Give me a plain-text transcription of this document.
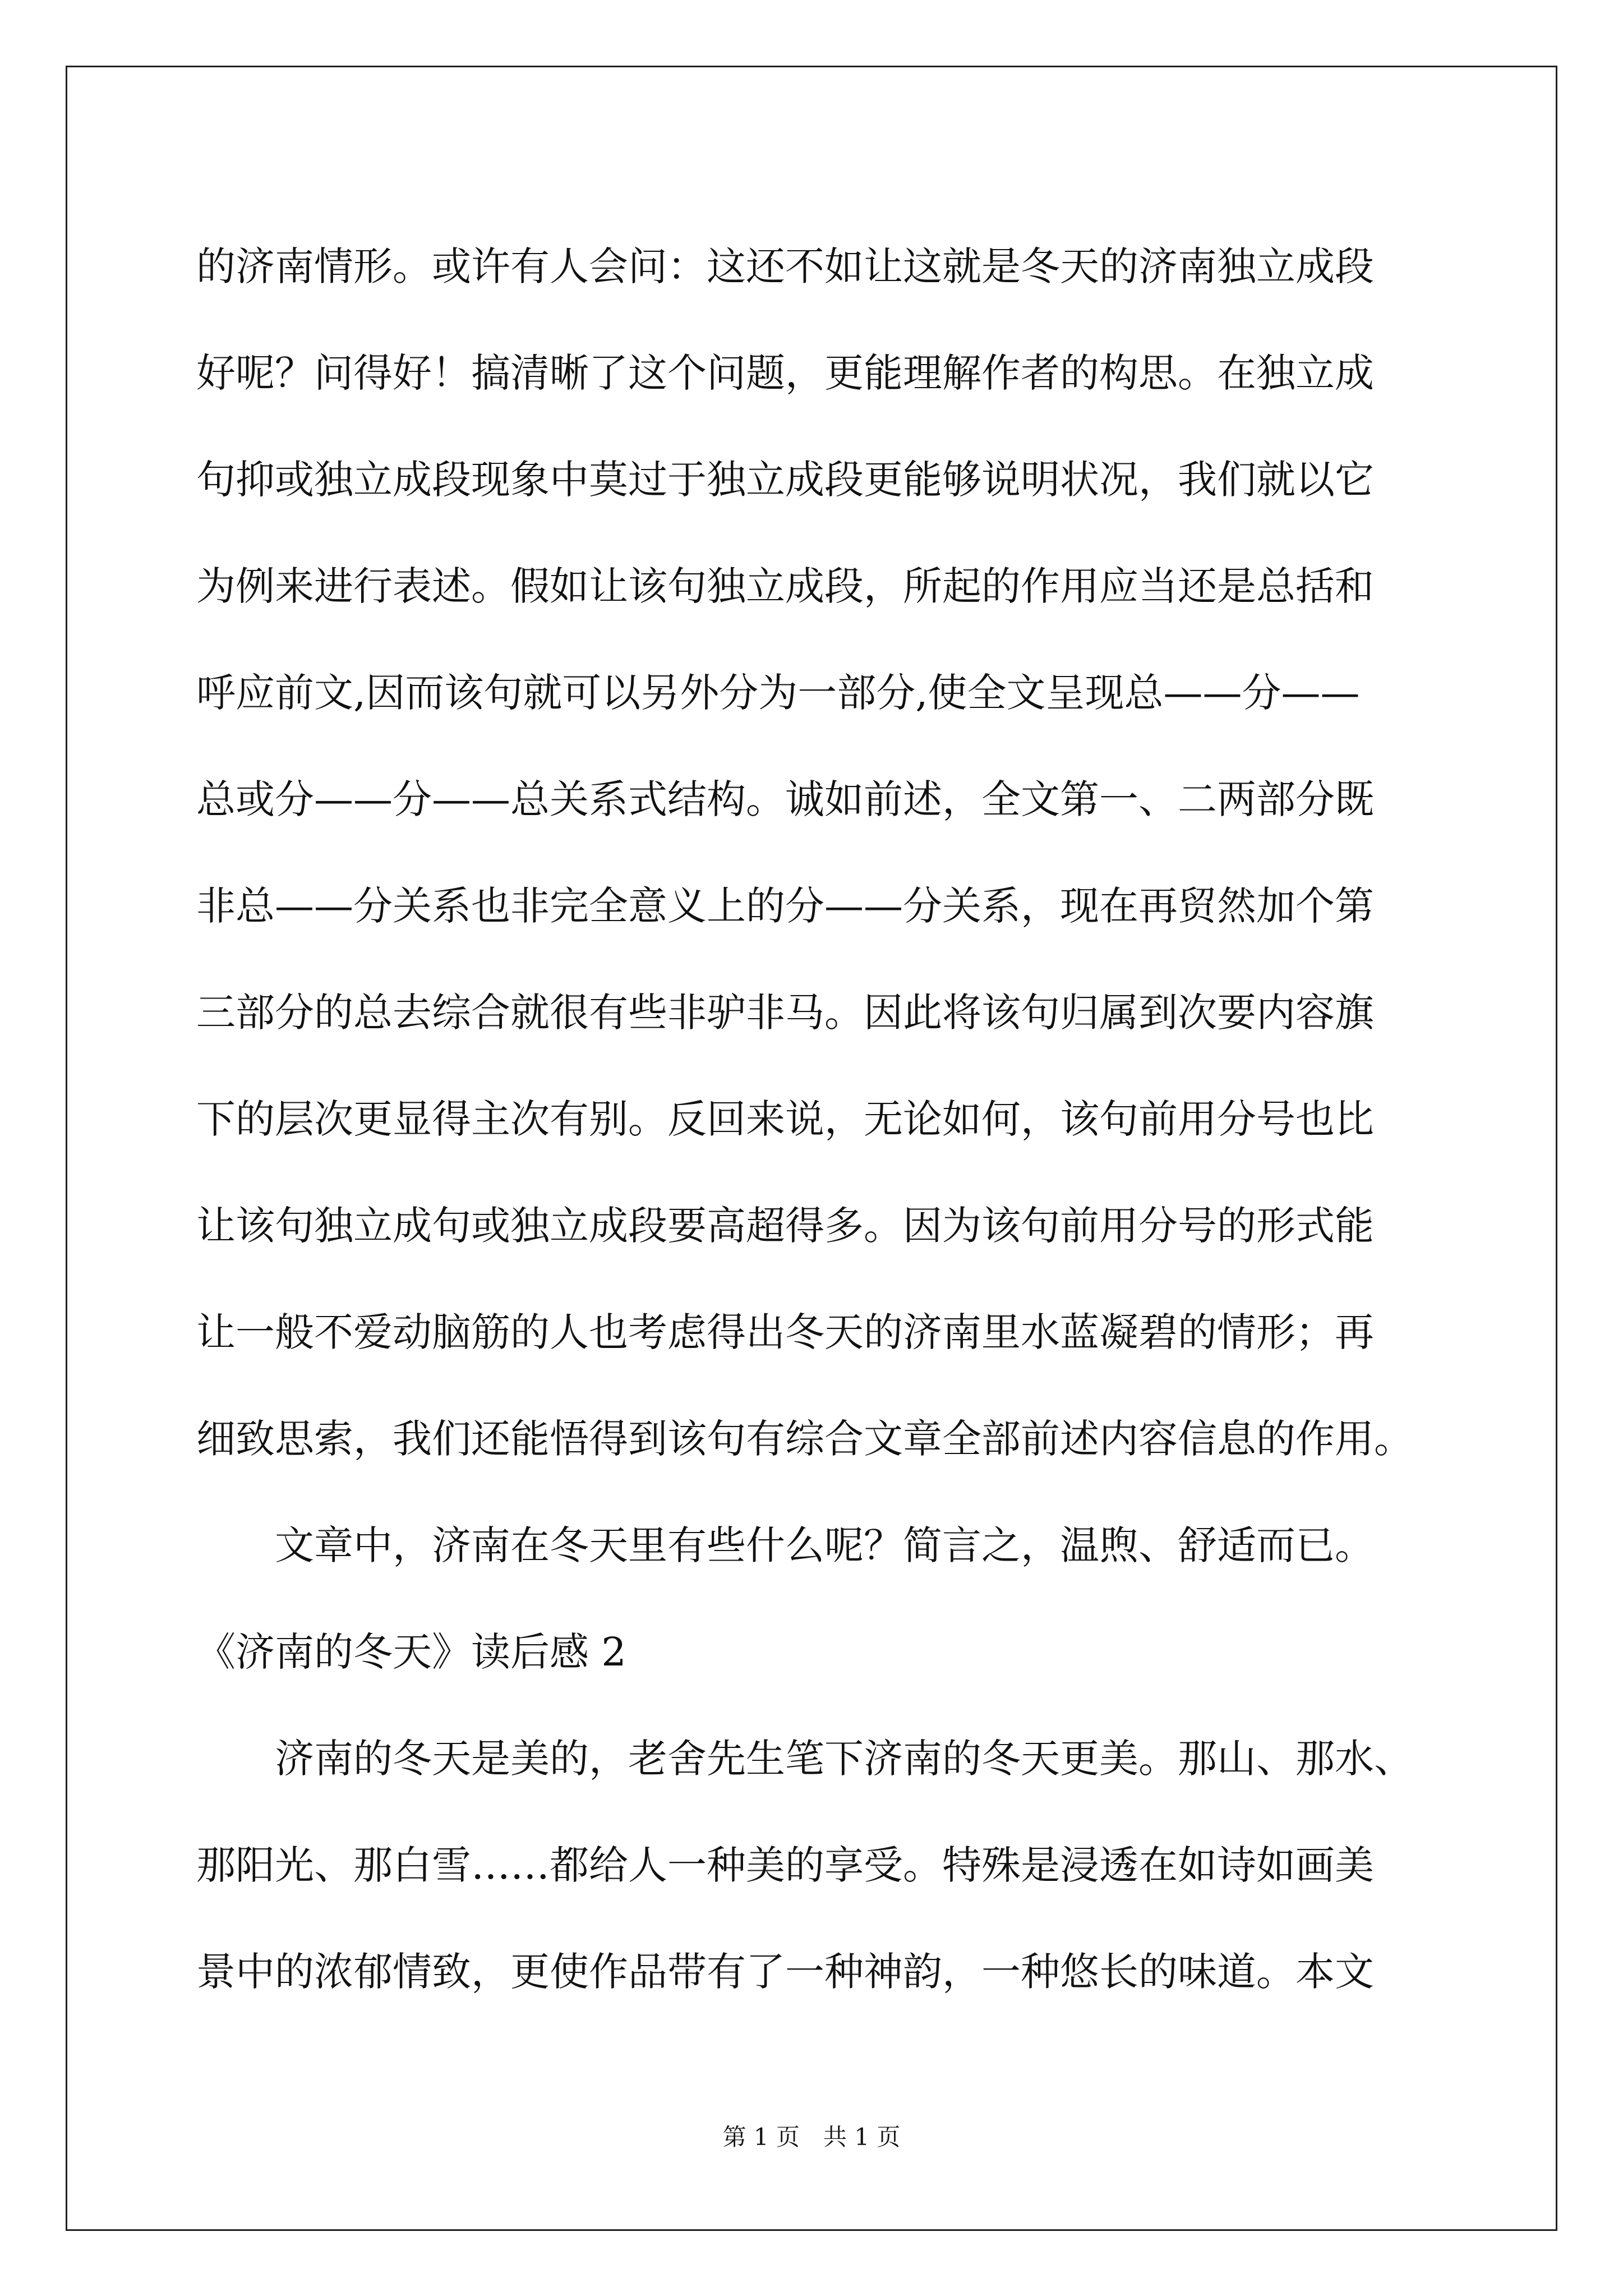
的济南情形。或许有人会问：这还不如让这就是冬天的济南独立成段
好呢？问得好！搞清晰了这个问题，更能理解作者的构思。在独立成
句抑或独立成段现象中莫过于独立成段更能够说明状况，我们就以它
为例来进行表述。假如让该句独立成段，所起的作用应当还是总括和
呼应前文,因而该句就可以另外分为一部分,使全文呈现总——分——
总或分——分——总关系式结构。诚如前述，全文第一、二两部分既
非总——分关系也非完全意义上的分——分关系，现在再贸然加个第
三部分的总去综合就很有些非驴非马。因此将该句归属到次要内容旗
下的层次更显得主次有别。反回来说，无论如何，该句前用分号也比
让该句独立成句或独立成段要高超得多。因为该句前用分号的形式能
让一般不爱动脑筋的人也考虑得出冬天的济南里水蓝凝碧的情形；再
细致思索，我们还能悟得到该句有综合文章全部前述内容信息的作用。
　　文章中，济南在冬天里有些什么呢？简言之，温煦、舒适而已。
《济南的冬天》读后感 2
　　济南的冬天是美的，老舍先生笔下济南的冬天更美。那山、那水、
那阳光、那白雪……都给人一种美的享受。特殊是浸透在如诗如画美
景中的浓郁情致，更使作品带有了一种神韵，一种悠长的味道。本文
第 1 页　共 1 页
